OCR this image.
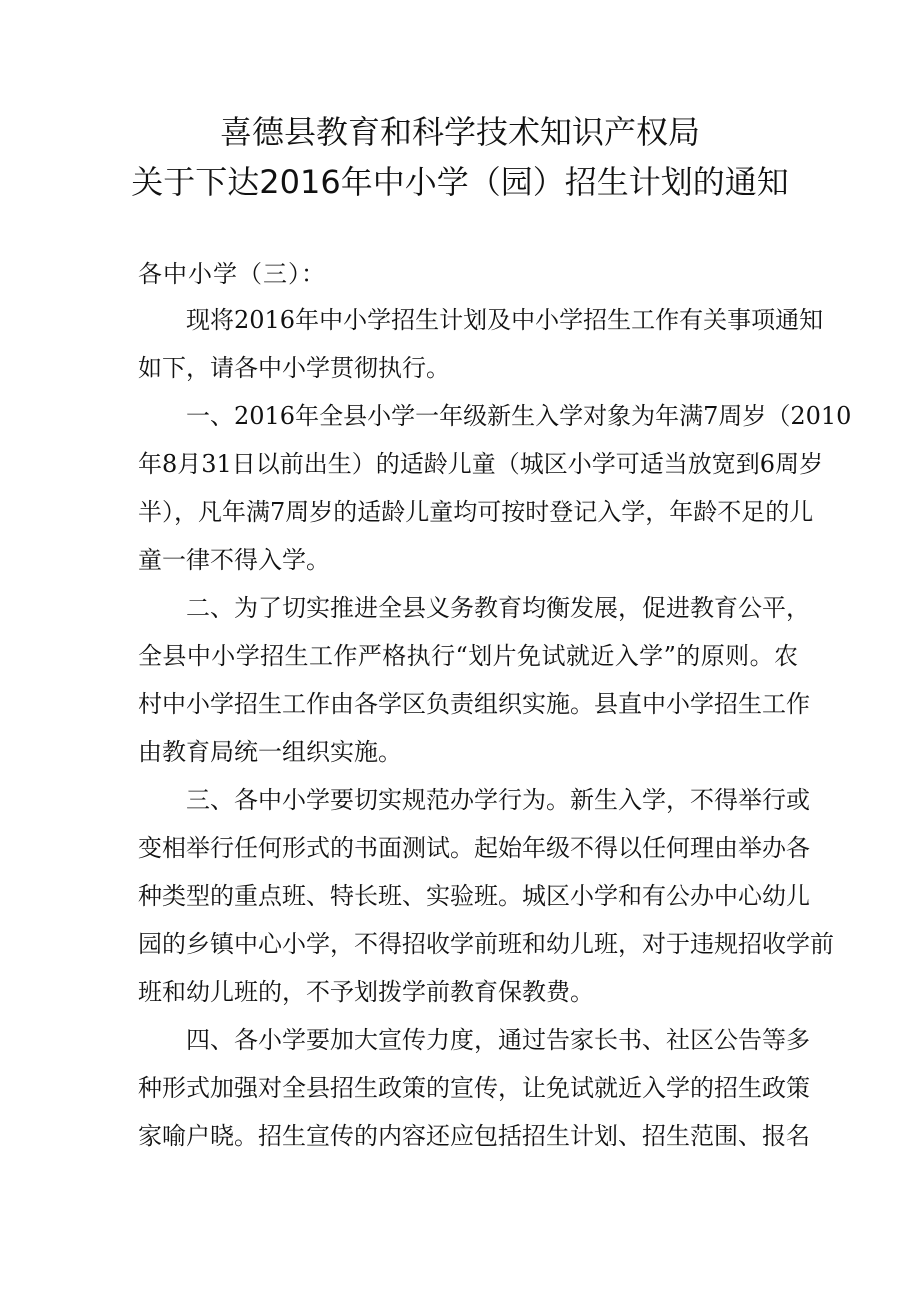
喜德县教育和科学技术知识产权局
关于下达2016年中小学（园）招生计划的通知

各中小学（三）：

现将2016年中小学招生计划及中小学招生工作有关事项通知
如下，请各中小学贯彻执行。
一、2016年全县小学一年级新生入学对象为年满7周岁（2010
年8月31日以前出生）的适龄儿童（城区小学可适当放宽到6周岁
半），凡年满7周岁的适龄儿童均可按时登记入学，年龄不足的儿
童一律不得入学。
二、为了切实推进全县义务教育均衡发展，促进教育公平，
全县中小学招生工作严格执行“划片免试就近入学”的原则。农
村中小学招生工作由各学区负责组织实施。县直中小学招生工作
由教育局统一组织实施。
三、各中小学要切实规范办学行为。新生入学，不得举行或
变相举行任何形式的书面测试。起始年级不得以任何理由举办各
种类型的重点班、特长班、实验班。城区小学和有公办中心幼儿
园的乡镇中心小学，不得招收学前班和幼儿班，对于违规招收学前
班和幼儿班的，不予划拨学前教育保教费。
四、各小学要加大宣传力度，通过告家长书、社区公告等多
种形式加强对全县招生政策的宣传，让免试就近入学的招生政策
家喻户晓。招生宣传的内容还应包括招生计划、招生范围、报名
